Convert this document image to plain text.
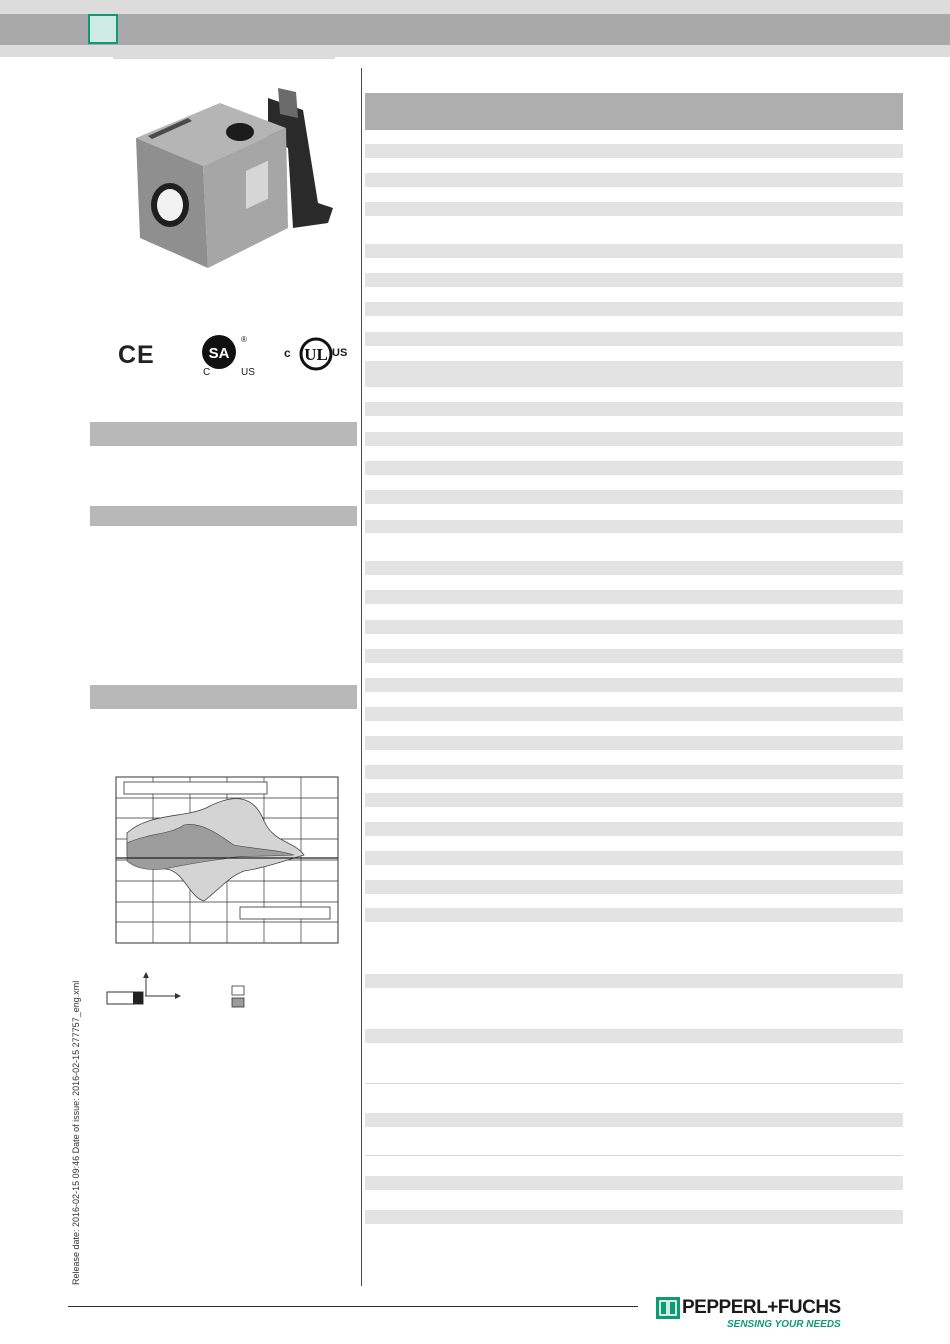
CE	SA
®
C	US
UL
c	US
Release date: 2016-02-15 09:46 Date of issue: 2016-02-15 277757_eng.xml
PEPPERL+FUCHS
SENSING YOUR NEEDS
